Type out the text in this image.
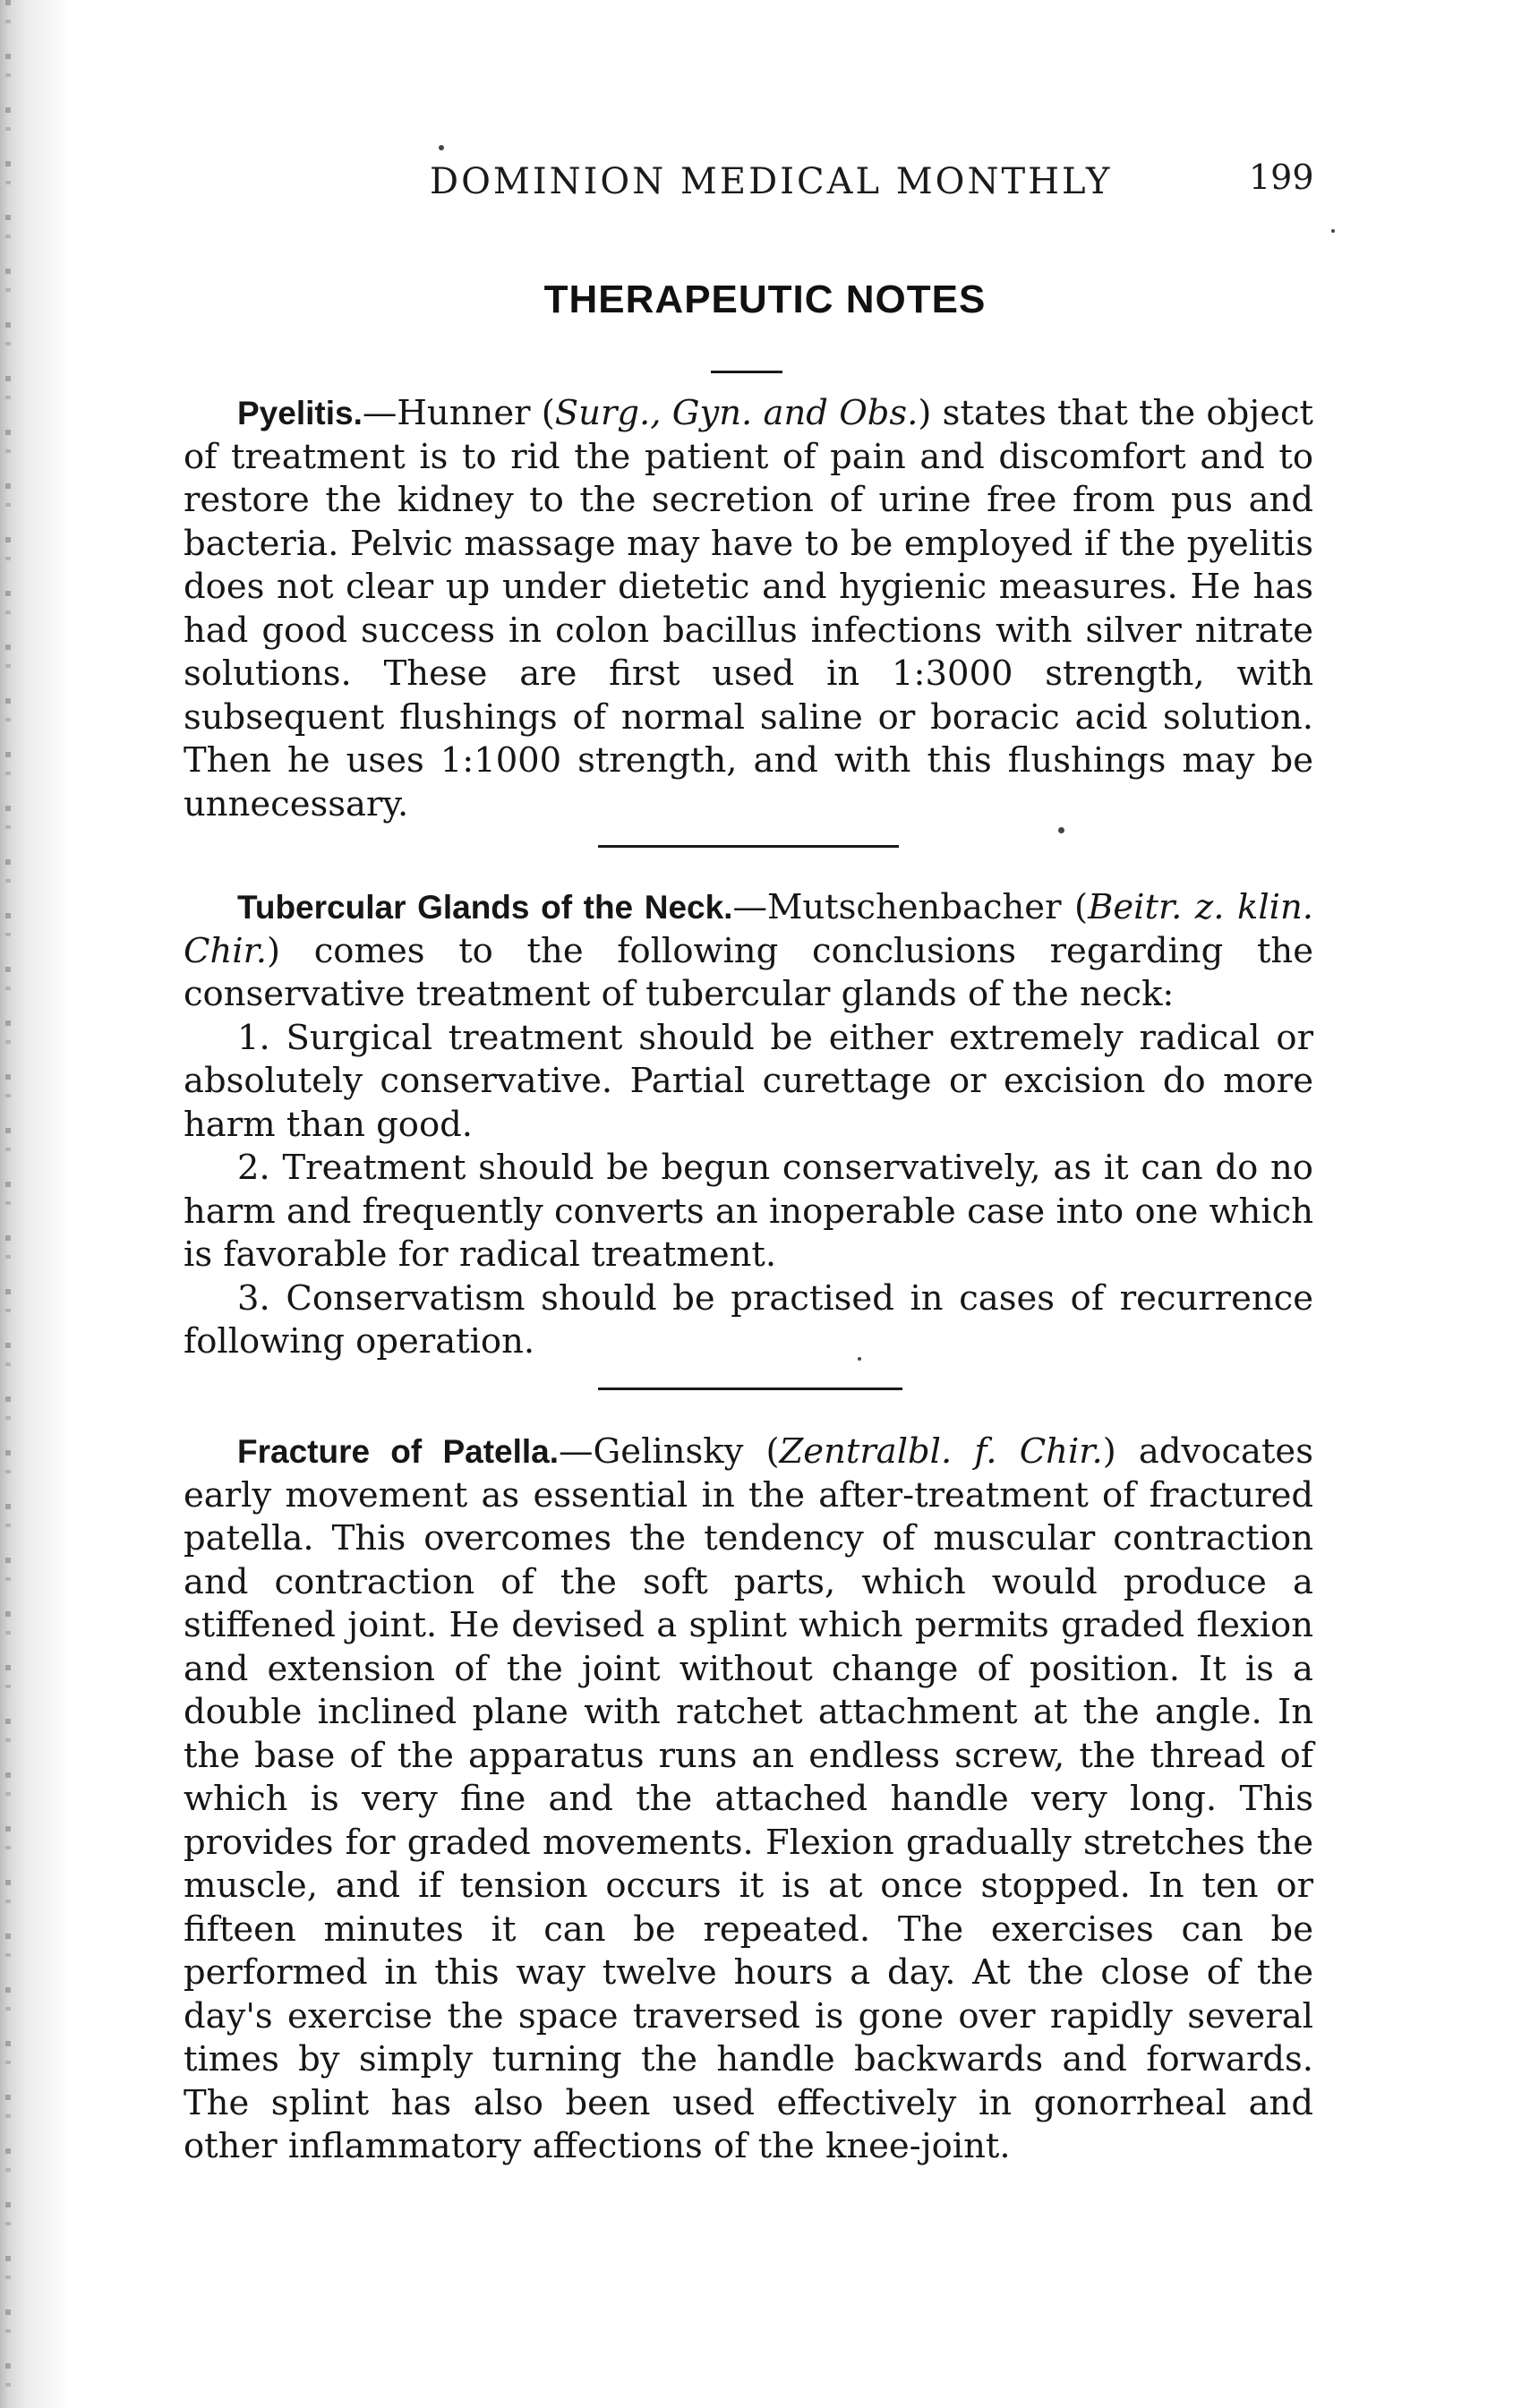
DOMINION MEDICAL MONTHLY	199
THERAPEUTIC NOTES

Pyelitis.—Hunner (Surg., Gyn. and Obs.) states that the object of treatment is to rid the patient of pain and discomfort and to restore the kidney to the secretion of urine free from pus and bacteria. Pelvic massage may have to be employed if the pyelitis does not clear up under dietetic and hygienic measures. He has had good success in colon bacillus infections with silver nitrate solutions. These are first used in 1:3000 strength, with subsequent flushings of normal saline or boracic acid solution. Then he uses 1:1000 strength, and with this flushings may be unnecessary.

Tubercular Glands of the Neck.—Mutschenbacher (Beitr. z. klin. Chir.) comes to the following conclusions regarding the conservative treatment of tubercular glands of the neck:

1. Surgical treatment should be either extremely radical or absolutely conservative. Partial curettage or excision do more harm than good.

2. Treatment should be begun conservatively, as it can do no harm and frequently converts an inoperable case into one which is favorable for radical treatment.

3. Conservatism should be practised in cases of recurrence following operation.

Fracture of Patella.—Gelinsky (Zentralbl. f. Chir.) advocates early movement as essential in the after-treatment of fractured patella. This overcomes the tendency of muscular contraction and contraction of the soft parts, which would produce a stiffened joint. He devised a splint which permits graded flexion and extension of the joint without change of position. It is a double inclined plane with ratchet attachment at the angle. In the base of the apparatus runs an endless screw, the thread of which is very fine and the attached handle very long. This provides for graded movements. Flexion gradually stretches the muscle, and if tension occurs it is at once stopped. In ten or fifteen minutes it can be repeated. The exercises can be performed in this way twelve hours a day. At the close of the day's exercise the space traversed is gone over rapidly several times by simply turning the handle backwards and forwards. The splint has also been used effectively in gonorrheal and other inflammatory affections of the knee-joint.
